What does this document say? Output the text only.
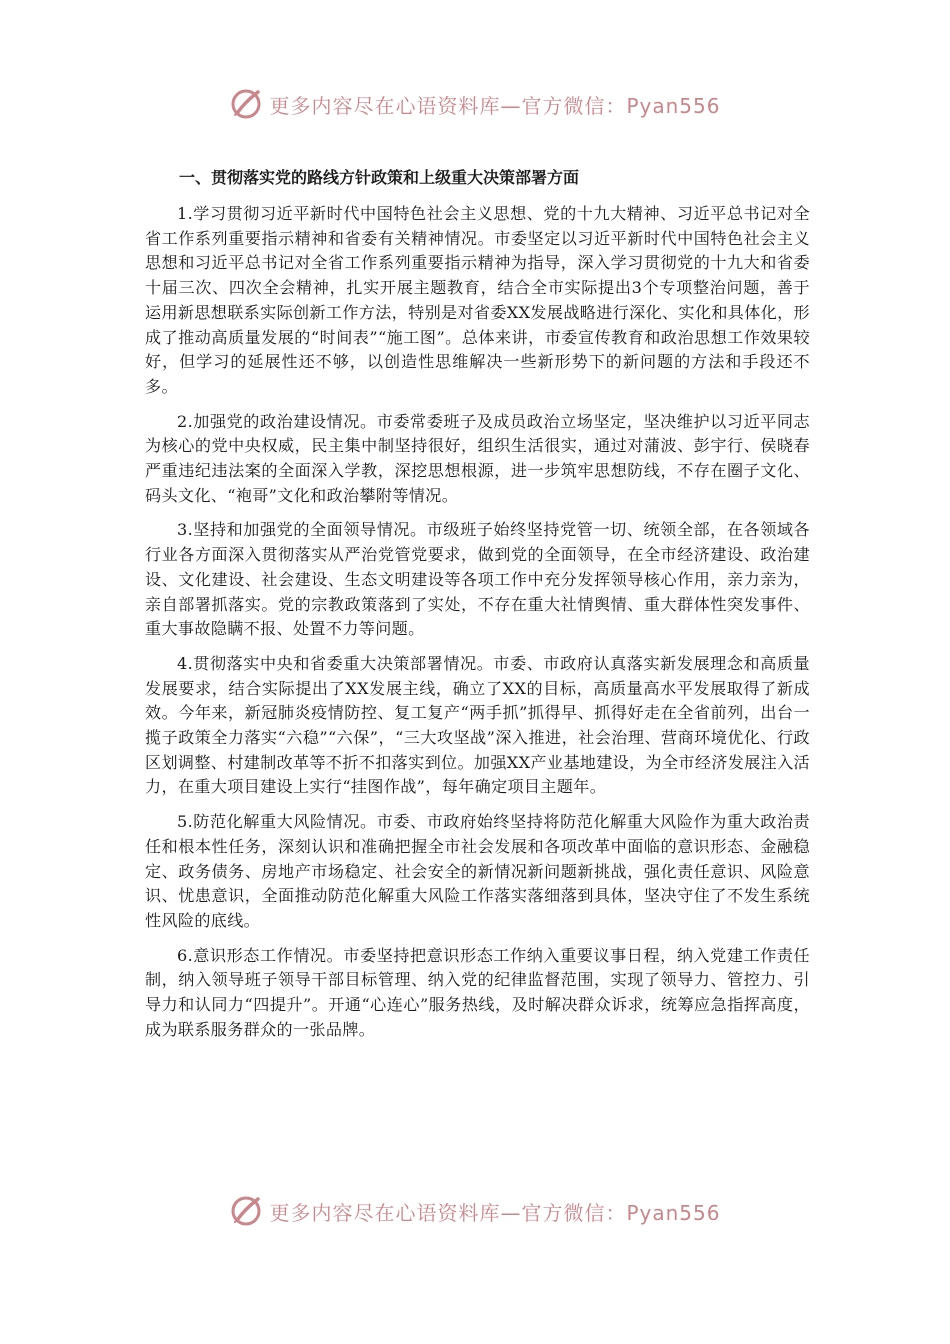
更多内容尽在心语资料库—官方微信：Pyan556
一、贯彻落实党的路线方针政策和上级重大决策部署方面

1.学习贯彻习近平新时代中国特色社会主义思想、党的十九大精神、习近平总书记对全省工作系列重要指示精神和省委有关精神情况。市委坚定以习近平新时代中国特色社会主义思想和习近平总书记对全省工作系列重要指示精神为指导，深入学习贯彻党的十九大和省委十届三次、四次全会精神，扎实开展主题教育，结合全市实际提出3个专项整治问题，善于运用新思想联系实际创新工作方法，特别是对省委XX发展战略进行深化、实化和具体化，形成了推动高质量发展的“时间表”“施工图”。总体来讲，市委宣传教育和政治思想工作效果较好，但学习的延展性还不够，以创造性思维解决一些新形势下的新问题的方法和手段还不多。

2.加强党的政治建设情况。市委常委班子及成员政治立场坚定，坚决维护以习近平同志为核心的党中央权威，民主集中制坚持很好，组织生活很实，通过对蒲波、彭宇行、侯晓春严重违纪违法案的全面深入学教，深挖思想根源，进一步筑牢思想防线，不存在圈子文化、码头文化、“袍哥”文化和政治攀附等情况。

3.坚持和加强党的全面领导情况。市级班子始终坚持党管一切、统领全部，在各领域各行业各方面深入贯彻落实从严治党管党要求，做到党的全面领导，在全市经济建设、政治建设、文化建设、社会建设、生态文明建设等各项工作中充分发挥领导核心作用，亲力亲为，亲自部署抓落实。党的宗教政策落到了实处，不存在重大社情舆情、重大群体性突发事件、重大事故隐瞒不报、处置不力等问题。

4.贯彻落实中央和省委重大决策部署情况。市委、市政府认真落实新发展理念和高质量发展要求，结合实际提出了XX发展主线，确立了XX的目标，高质量高水平发展取得了新成效。今年来，新冠肺炎疫情防控、复工复产“两手抓”抓得早、抓得好走在全省前列，出台一揽子政策全力落实“六稳”“六保”，“三大攻坚战”深入推进，社会治理、营商环境优化、行政区划调整、村建制改革等不折不扣落实到位。加强XX产业基地建设，为全市经济发展注入活力，在重大项目建设上实行“挂图作战”，每年确定项目主题年。

5.防范化解重大风险情况。市委、市政府始终坚持将防范化解重大风险作为重大政治责任和根本性任务，深刻认识和准确把握全市社会发展和各项改革中面临的意识形态、金融稳定、政务债务、房地产市场稳定、社会安全的新情况新问题新挑战，强化责任意识、风险意识、忧患意识，全面推动防范化解重大风险工作落实落细落到具体，坚决守住了不发生系统性风险的底线。

6.意识形态工作情况。市委坚持把意识形态工作纳入重要议事日程，纳入党建工作责任制，纳入领导班子领导干部目标管理、纳入党的纪律监督范围，实现了领导力、管控力、引导力和认同力“四提升”。开通“心连心”服务热线，及时解决群众诉求，统筹应急指挥高度，成为联系服务群众的一张品牌。

更多内容尽在心语资料库—官方微信：Pyan556
